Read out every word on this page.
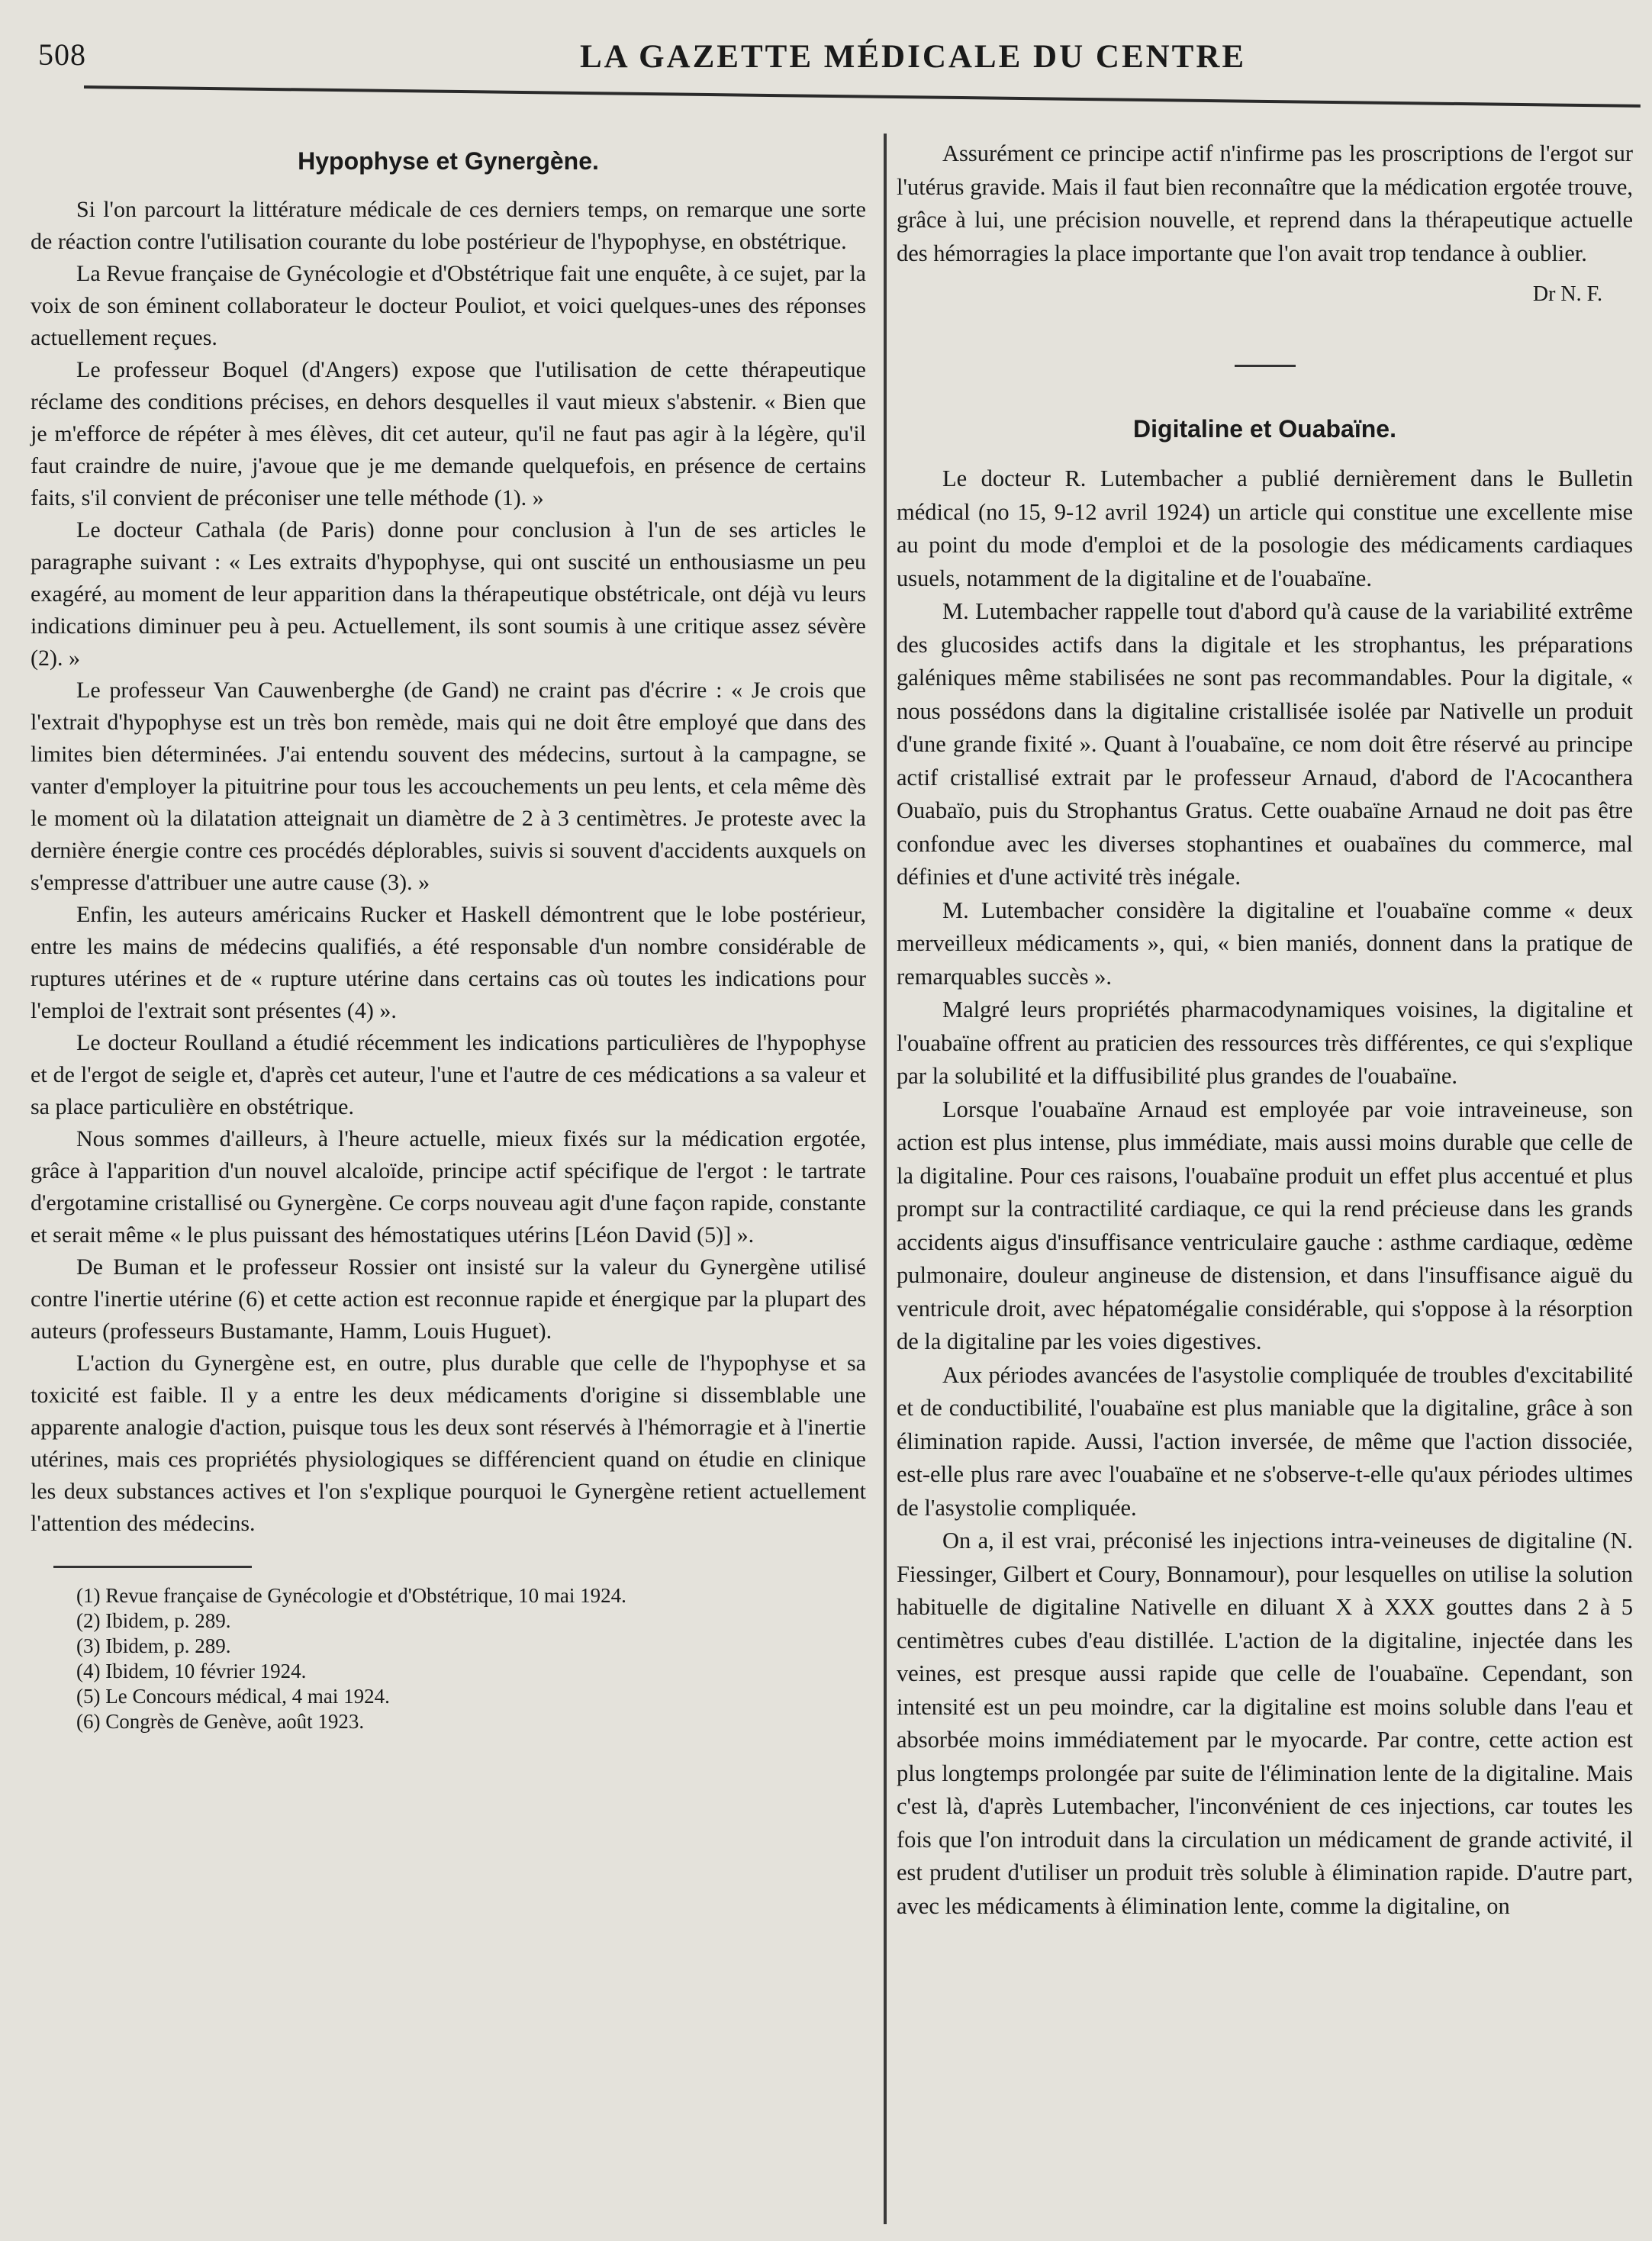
508	LA GAZETTE MÉDICALE DU CENTRE
Hypophyse et Gynergène.

Si l'on parcourt la littérature médicale de ces derniers temps, on remarque une sorte de réaction contre l'utilisation courante du lobe postérieur de l'hypophyse, en obstétrique.

La Revue française de Gynécologie et d'Obstétrique fait une enquête, à ce sujet, par la voix de son éminent collaborateur le docteur Pouliot, et voici quelques-unes des réponses actuellement reçues.

Le professeur Boquel (d'Angers) expose que l'utilisation de cette thérapeutique réclame des conditions précises, en dehors desquelles il vaut mieux s'abstenir. « Bien que je m'efforce de répéter à mes élèves, dit cet auteur, qu'il ne faut pas agir à la légère, qu'il faut craindre de nuire, j'avoue que je me demande quelquefois, en présence de certains faits, s'il convient de préconiser une telle méthode (1). »

Le docteur Cathala (de Paris) donne pour conclusion à l'un de ses articles le paragraphe suivant : « Les extraits d'hypophyse, qui ont suscité un enthousiasme un peu exagéré, au moment de leur apparition dans la thérapeutique obstétricale, ont déjà vu leurs indications diminuer peu à peu. Actuellement, ils sont soumis à une critique assez sévère (2). »

Le professeur Van Cauwenberghe (de Gand) ne craint pas d'écrire : « Je crois que l'extrait d'hypophyse est un très bon remède, mais qui ne doit être employé que dans des limites bien déterminées. J'ai entendu souvent des médecins, surtout à la campagne, se vanter d'employer la pituitrine pour tous les accouchements un peu lents, et cela même dès le moment où la dilatation atteignait un diamètre de 2 à 3 centimètres. Je proteste avec la dernière énergie contre ces procédés déplorables, suivis si souvent d'accidents auxquels on s'empresse d'attribuer une autre cause (3). »

Enfin, les auteurs américains Rucker et Haskell démontrent que le lobe postérieur, entre les mains de médecins qualifiés, a été responsable d'un nombre considérable de ruptures utérines et de « rupture utérine dans certains cas où toutes les indications pour l'emploi de l'extrait sont présentes (4) ».

Le docteur Roulland a étudié récemment les indications particulières de l'hypophyse et de l'ergot de seigle et, d'après cet auteur, l'une et l'autre de ces médications a sa valeur et sa place particulière en obstétrique.

Nous sommes d'ailleurs, à l'heure actuelle, mieux fixés sur la médication ergotée, grâce à l'apparition d'un nouvel alcaloïde, principe actif spécifique de l'ergot : le tartrate d'ergotamine cristallisé ou Gynergène. Ce corps nouveau agit d'une façon rapide, constante et serait même « le plus puissant des hémostatiques utérins [Léon David (5)] ».

De Buman et le professeur Rossier ont insisté sur la valeur du Gynergène utilisé contre l'inertie utérine (6) et cette action est reconnue rapide et énergique par la plupart des auteurs (professeurs Bustamante, Hamm, Louis Huguet).

L'action du Gynergène est, en outre, plus durable que celle de l'hypophyse et sa toxicité est faible. Il y a entre les deux médicaments d'origine si dissemblable une apparente analogie d'action, puisque tous les deux sont réservés à l'hémorragie et à l'inertie utérines, mais ces propriétés physiologiques se différencient quand on étudie en clinique les deux substances actives et l'on s'explique pourquoi le Gynergène retient actuellement l'attention des médecins.

(1) Revue française de Gynécologie et d'Obstétrique, 10 mai 1924.
(2) Ibidem, p. 289.
(3) Ibidem, p. 289.
(4) Ibidem, 10 février 1924.
(5) Le Concours médical, 4 mai 1924.
(6) Congrès de Genève, août 1923.

Assurément ce principe actif n'infirme pas les proscriptions de l'ergot sur l'utérus gravide. Mais il faut bien reconnaître que la médication ergotée trouve, grâce à lui, une précision nouvelle, et reprend dans la thérapeutique actuelle des hémorragies la place importante que l'on avait trop tendance à oublier.

Dr N. F.
Digitaline et Ouabaïne.

Le docteur R. Lutembacher a publié dernièrement dans le Bulletin médical (no 15, 9-12 avril 1924) un article qui constitue une excellente mise au point du mode d'emploi et de la posologie des médicaments cardiaques usuels, notamment de la digitaline et de l'ouabaïne.

M. Lutembacher rappelle tout d'abord qu'à cause de la variabilité extrême des glucosides actifs dans la digitale et les strophantus, les préparations galéniques même stabilisées ne sont pas recommandables. Pour la digitale, « nous possédons dans la digitaline cristallisée isolée par Nativelle un produit d'une grande fixité ». Quant à l'ouabaïne, ce nom doit être réservé au principe actif cristallisé extrait par le professeur Arnaud, d'abord de l'Acocanthera Ouabaïo, puis du Strophantus Gratus. Cette ouabaïne Arnaud ne doit pas être confondue avec les diverses stophantines et ouabaïnes du commerce, mal définies et d'une activité très inégale.

M. Lutembacher considère la digitaline et l'ouabaïne comme « deux merveilleux médicaments », qui, « bien maniés, donnent dans la pratique de remarquables succès ».

Malgré leurs propriétés pharmacodynamiques voisines, la digitaline et l'ouabaïne offrent au praticien des ressources très différentes, ce qui s'explique par la solubilité et la diffusibilité plus grandes de l'ouabaïne.

Lorsque l'ouabaïne Arnaud est employée par voie intraveineuse, son action est plus intense, plus immédiate, mais aussi moins durable que celle de la digitaline. Pour ces raisons, l'ouabaïne produit un effet plus accentué et plus prompt sur la contractilité cardiaque, ce qui la rend précieuse dans les grands accidents aigus d'insuffisance ventriculaire gauche : asthme cardiaque, œdème pulmonaire, douleur angineuse de distension, et dans l'insuffisance aiguë du ventricule droit, avec hépatomégalie considérable, qui s'oppose à la résorption de la digitaline par les voies digestives.

Aux périodes avancées de l'asystolie compliquée de troubles d'excitabilité et de conductibilité, l'ouabaïne est plus maniable que la digitaline, grâce à son élimination rapide. Aussi, l'action inversée, de même que l'action dissociée, est-elle plus rare avec l'ouabaïne et ne s'observe-t-elle qu'aux périodes ultimes de l'asystolie compliquée.

On a, il est vrai, préconisé les injections intra-veineuses de digitaline (N. Fiessinger, Gilbert et Coury, Bonnamour), pour lesquelles on utilise la solution habituelle de digitaline Nativelle en diluant X à XXX gouttes dans 2 à 5 centimètres cubes d'eau distillée. L'action de la digitaline, injectée dans les veines, est presque aussi rapide que celle de l'ouabaïne. Cependant, son intensité est un peu moindre, car la digitaline est moins soluble dans l'eau et absorbée moins immédiatement par le myocarde. Par contre, cette action est plus longtemps prolongée par suite de l'élimination lente de la digitaline. Mais c'est là, d'après Lutembacher, l'inconvénient de ces injections, car toutes les fois que l'on introduit dans la circulation un médicament de grande activité, il est prudent d'utiliser un produit très soluble à élimination rapide. D'autre part, avec les médicaments à élimination lente, comme la digitaline, on
